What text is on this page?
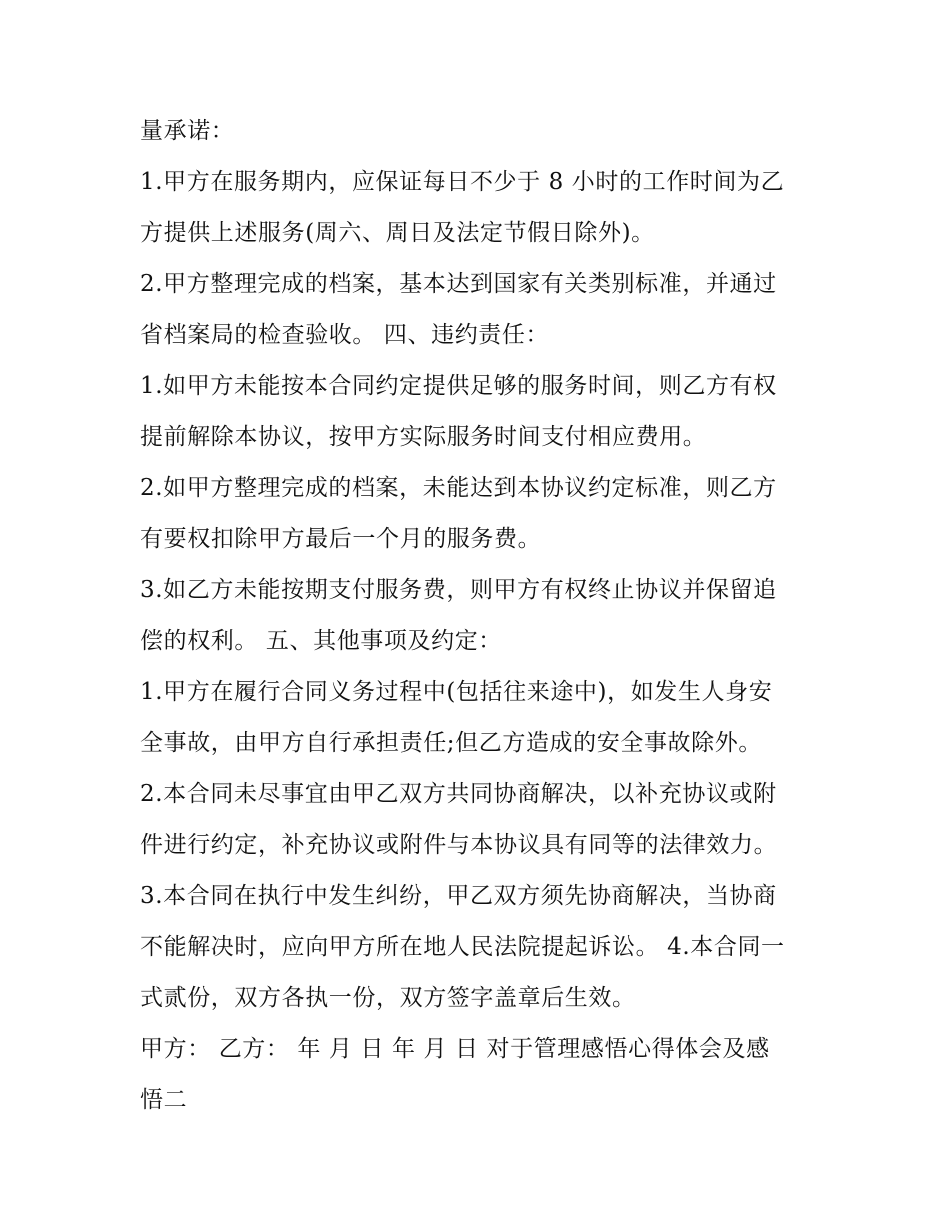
量承诺：
1.甲方在服务期内，应保证每日不少于 8 小时的工作时间为乙
方提供上述服务(周六、周日及法定节假日除外)。
2.甲方整理完成的档案，基本达到国家有关类别标准，并通过
省档案局的检查验收。 四、违约责任：
1.如甲方未能按本合同约定提供足够的服务时间，则乙方有权
提前解除本协议，按甲方实际服务时间支付相应费用。
2.如甲方整理完成的档案，未能达到本协议约定标准，则乙方
有要权扣除甲方最后一个月的服务费。
3.如乙方未能按期支付服务费，则甲方有权终止协议并保留追
偿的权利。 五、其他事项及约定：
1.甲方在履行合同义务过程中(包括往来途中)，如发生人身安
全事故，由甲方自行承担责任;但乙方造成的安全事故除外。
2.本合同未尽事宜由甲乙双方共同协商解决，以补充协议或附
件进行约定，补充协议或附件与本协议具有同等的法律效力。
3.本合同在执行中发生纠纷，甲乙双方须先协商解决，当协商
不能解决时，应向甲方所在地人民法院提起诉讼。 4.本合同一
式贰份，双方各执一份，双方签字盖章后生效。
甲方： 乙方： 年 月 日 年 月 日 对于管理感悟心得体会及感
悟二
